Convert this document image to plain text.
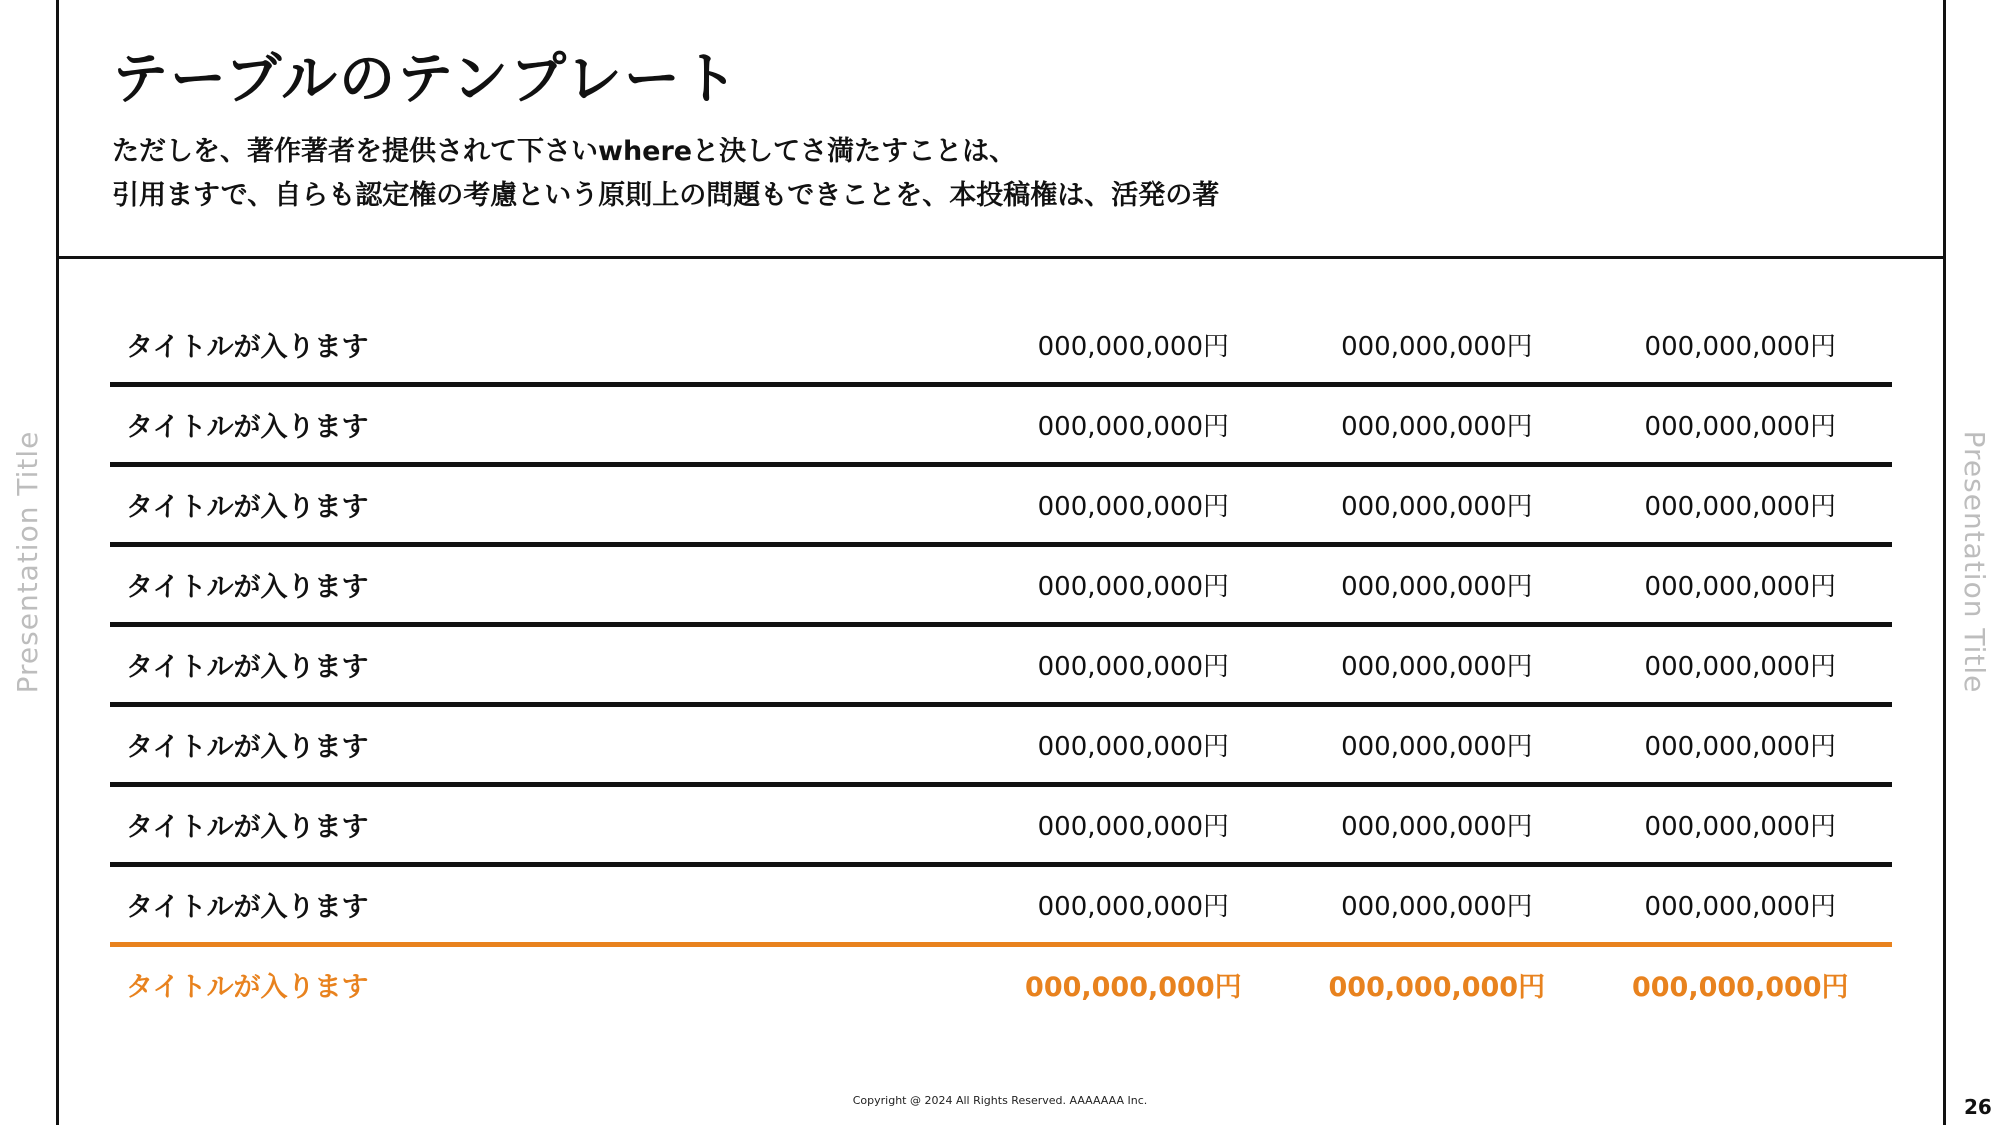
テーブルのテンプレート
ただしを、著作著者を提供されて下さいwhereと決してさ満たすことは、
引用ますで、自らも認定権の考慮という原則上の問題もできことを、本投稿権は、活発の著
Presentation Title	Presentation Title
タイトルが入ります	000,000,000円	000,000,000円	000,000,000円
タイトルが入ります	000,000,000円	000,000,000円	000,000,000円
タイトルが入ります	000,000,000円	000,000,000円	000,000,000円
タイトルが入ります	000,000,000円	000,000,000円	000,000,000円
タイトルが入ります	000,000,000円	000,000,000円	000,000,000円
タイトルが入ります	000,000,000円	000,000,000円	000,000,000円
タイトルが入ります	000,000,000円	000,000,000円	000,000,000円
タイトルが入ります	000,000,000円	000,000,000円	000,000,000円
タイトルが入ります	000,000,000円	000,000,000円	000,000,000円
Copyright @ 2024 All Rights Reserved. AAAAAAA Inc.	26
